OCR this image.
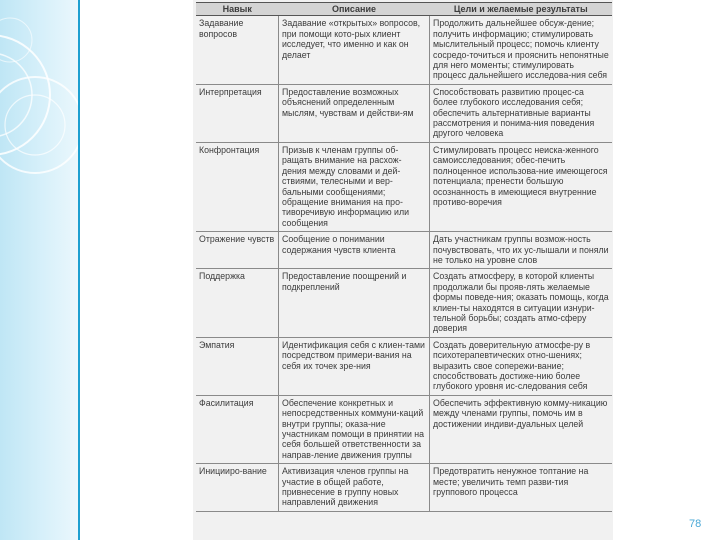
Навык	Описание	Цели и желаемые результаты
Задавание вопросов	Задавание «открытых» вопросов, при помощи кото-рых клиент исследует, что именно и как он делает	Продолжить дальнейшее обсуж-дение; получить информацию; стимулировать мыслительный процесс; помочь клиенту сосредо-точиться и прояснить непонятные для него моменты; стимулировать процесс дальнейшего исследова-ния себя
Интерпретация	Предоставление возможных объяснений определенным мыслям, чувствам и действи-ям	Способствовать развитию процес-са более глубокого исследования себя; обеспечить альтернативные варианты рассмотрения и понима-ния поведения другого человека
Конфронтация	Призыв к членам группы об-ращать внимание на расхож-дения между словами и дей-ствиями, телесными и вер-бальными сообщениями; обращение внимания на про-тиворечивую информацию или сообщения	Стимулировать процесс неиска-женного самоисследования; обес-печить полноценное использова-ние имеющегося потенциала; пренести большую осознанность в имеющиеся внутренние противо-воречия
Отражение чувств	Сообщение о понимании содержания чувств клиента	Дать участникам группы возмож-ность почувствовать, что их ус-лышали и поняли не только на уровне слов
Поддержка	Предоставление поощрений и подкреплений	Создать атмосферу, в которой клиенты продолжали бы прояв-лять желаемые формы поведе-ния; оказать помощь, когда клиен-ты находятся в ситуации изнури-тельной борьбы; создать атмо-сферу доверия
Эмпатия	Идентификация себя с клиен-тами посредством примери-вания на себя их точек зре-ния	Создать доверительную атмосфе-ру в психотерапевтических отно-шениях; выразить свое сопережи-вание; способствовать достиже-нию более глубокого уровня ис-следования себя
Фасилитация	Обеспечение конкретных и непосредственных коммуни-каций внутри группы; оказа-ние участникам помощи в принятии на себя большей ответственности за направ-ление движения группы	Обеспечить эффективную комму-никацию между членами группы, помочь им в достижении индиви-дуальных целей
Иницииро-вание	Активизация членов группы на участие в общей работе, привнесение в группу новых направлений движения	Предотвратить ненужное топтание на месте; увеличить темп разви-тия группового процесса
78
